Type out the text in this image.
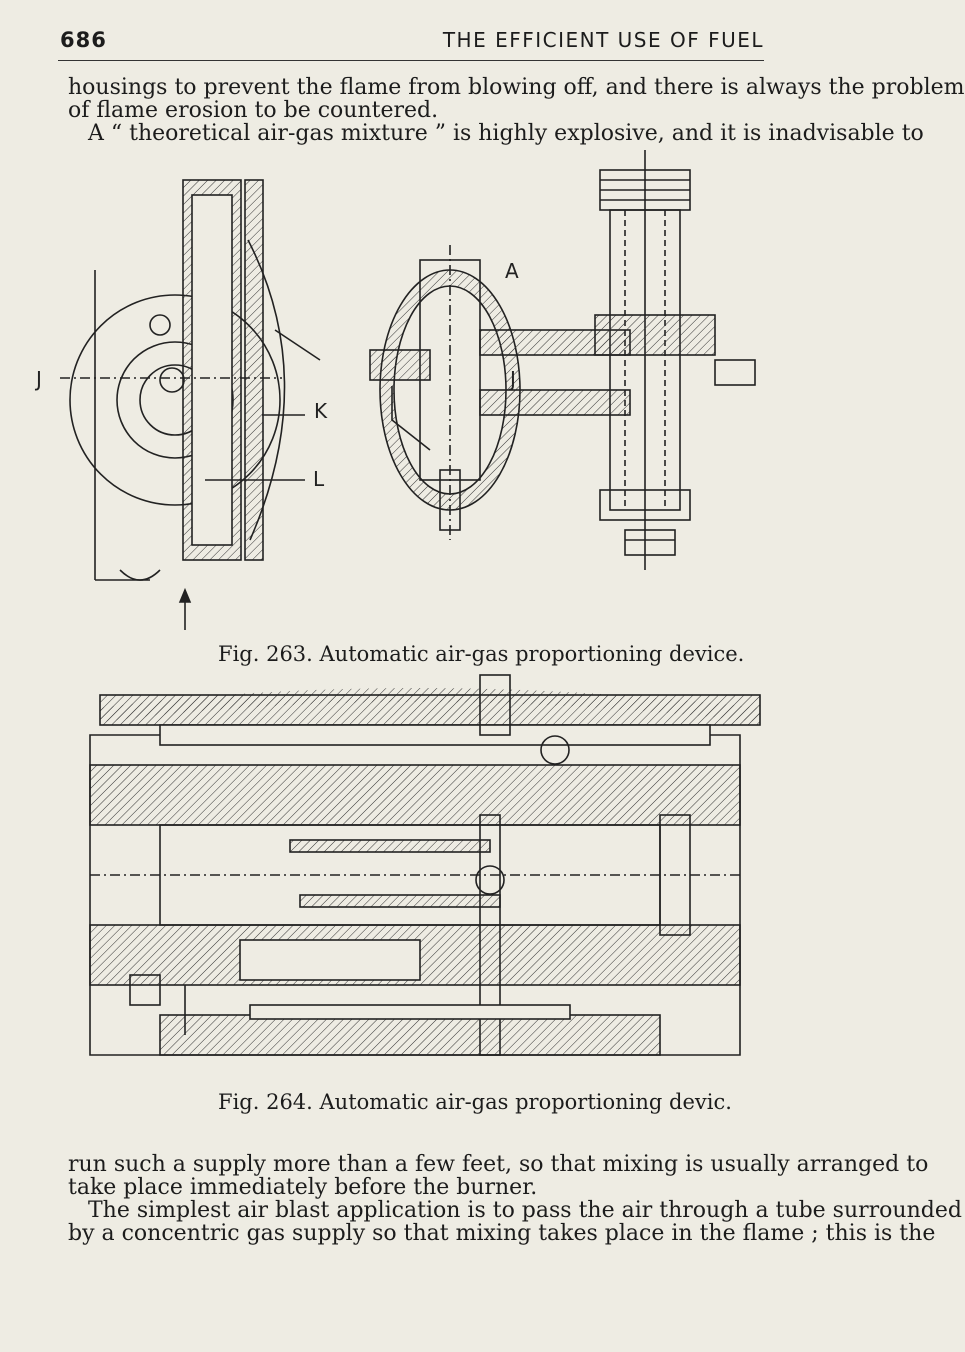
686	THE EFFICIENT USE OF FUEL
housings to prevent the flame from blowing off, and there is always the problem
of flame erosion to be countered.
A “ theoretical air-gas mixture ” is highly explosive, and it is inadvisable to
J	J
K
L
A
Fig. 263. Automatic air-gas proportioning device.
Fig. 264. Automatic air-gas proportioning devic.
run such a supply more than a few feet, so that mixing is usually arranged to
take place immediately before the burner.
The simplest air blast application is to pass the air through a tube surrounded
by a concentric gas supply so that mixing takes place in the flame ; this is the
